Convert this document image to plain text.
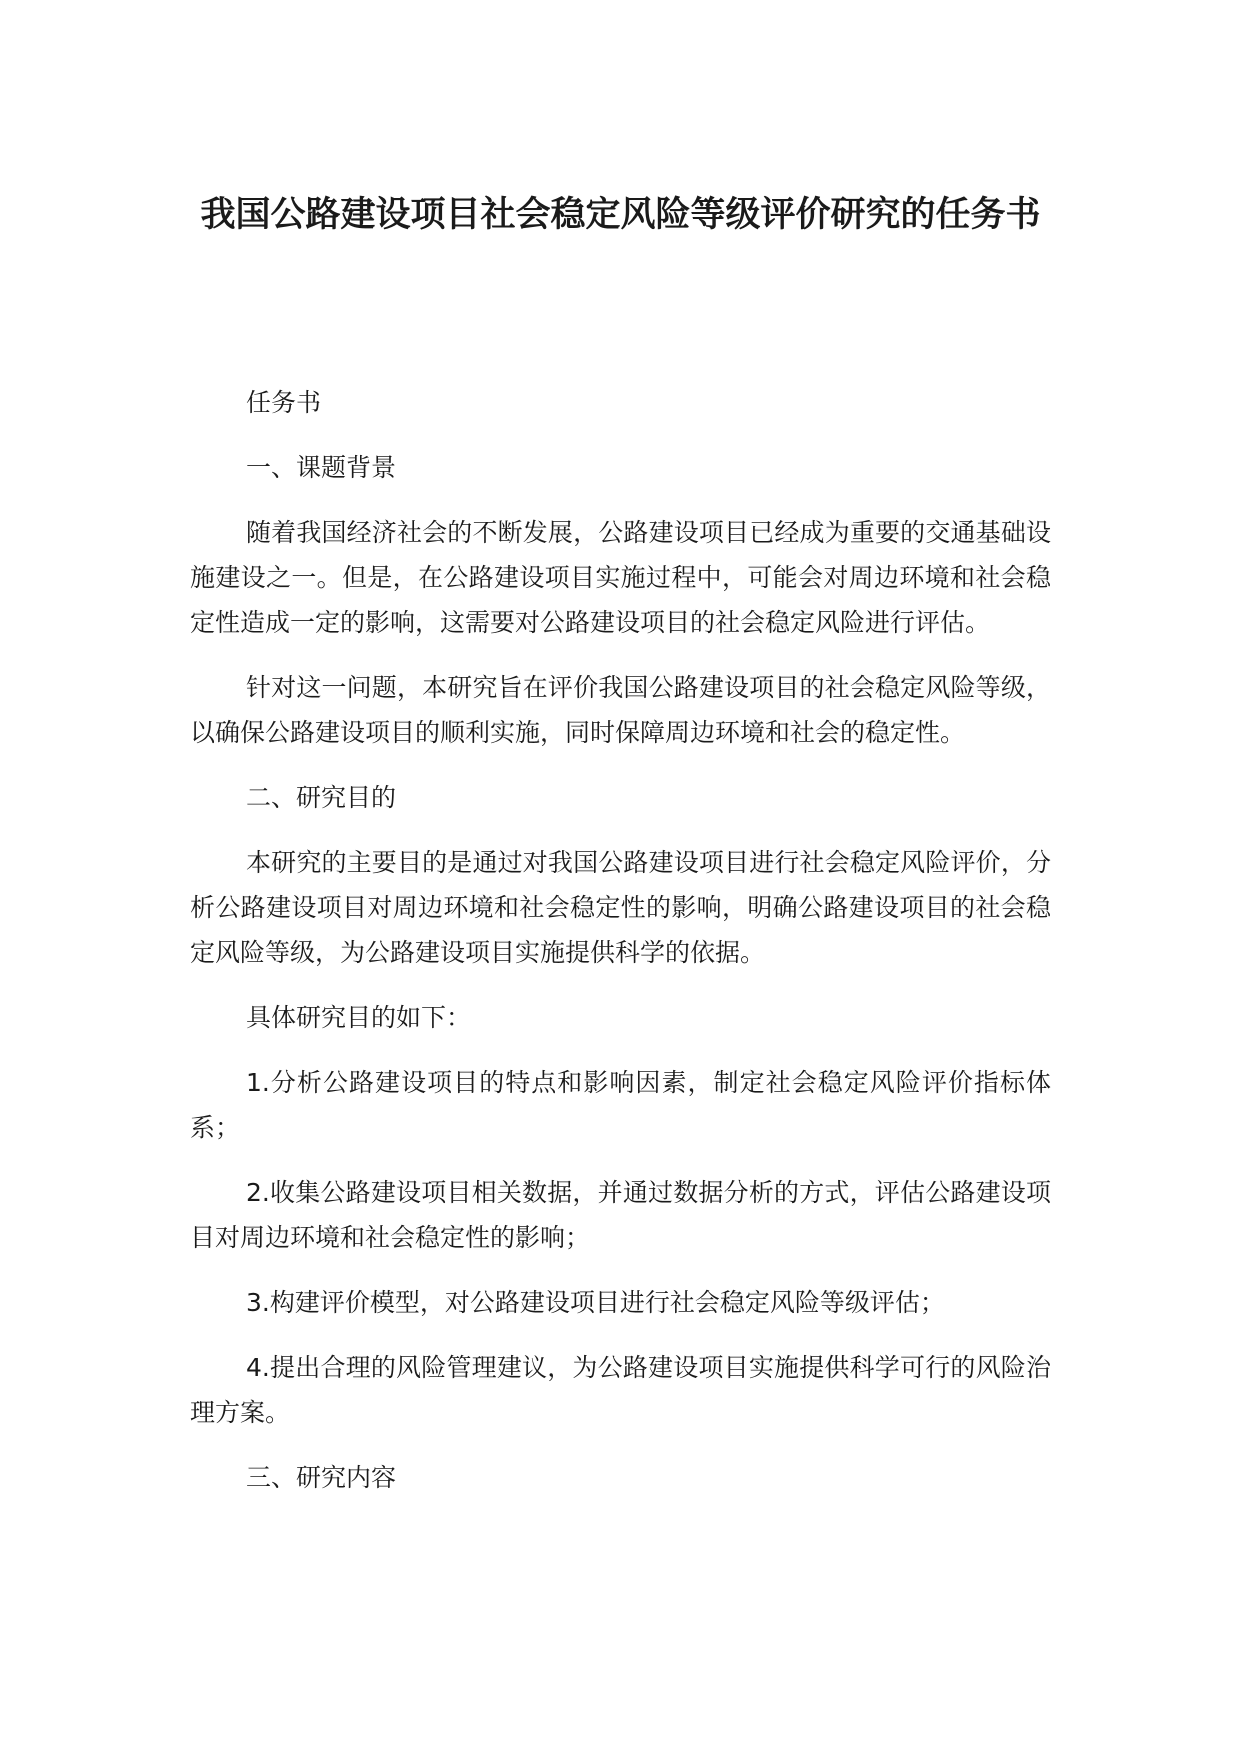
我国公路建设项目社会稳定风险等级评价研究的任务书

任务书

一、课题背景

随着我国经济社会的不断发展，公路建设项目已经成为重要的交通基础设施建设之一。但是，在公路建设项目实施过程中，可能会对周边环境和社会稳定性造成一定的影响，这需要对公路建设项目的社会稳定风险进行评估。

针对这一问题，本研究旨在评价我国公路建设项目的社会稳定风险等级，以确保公路建设项目的顺利实施，同时保障周边环境和社会的稳定性。

二、研究目的

本研究的主要目的是通过对我国公路建设项目进行社会稳定风险评价，分析公路建设项目对周边环境和社会稳定性的影响，明确公路建设项目的社会稳定风险等级，为公路建设项目实施提供科学的依据。

具体研究目的如下：

1.分析公路建设项目的特点和影响因素，制定社会稳定风险评价指标体系；

2.收集公路建设项目相关数据，并通过数据分析的方式，评估公路建设项目对周边环境和社会稳定性的影响；

3.构建评价模型，对公路建设项目进行社会稳定风险等级评估；

4.提出合理的风险管理建议，为公路建设项目实施提供科学可行的风险治理方案。

三、研究内容
